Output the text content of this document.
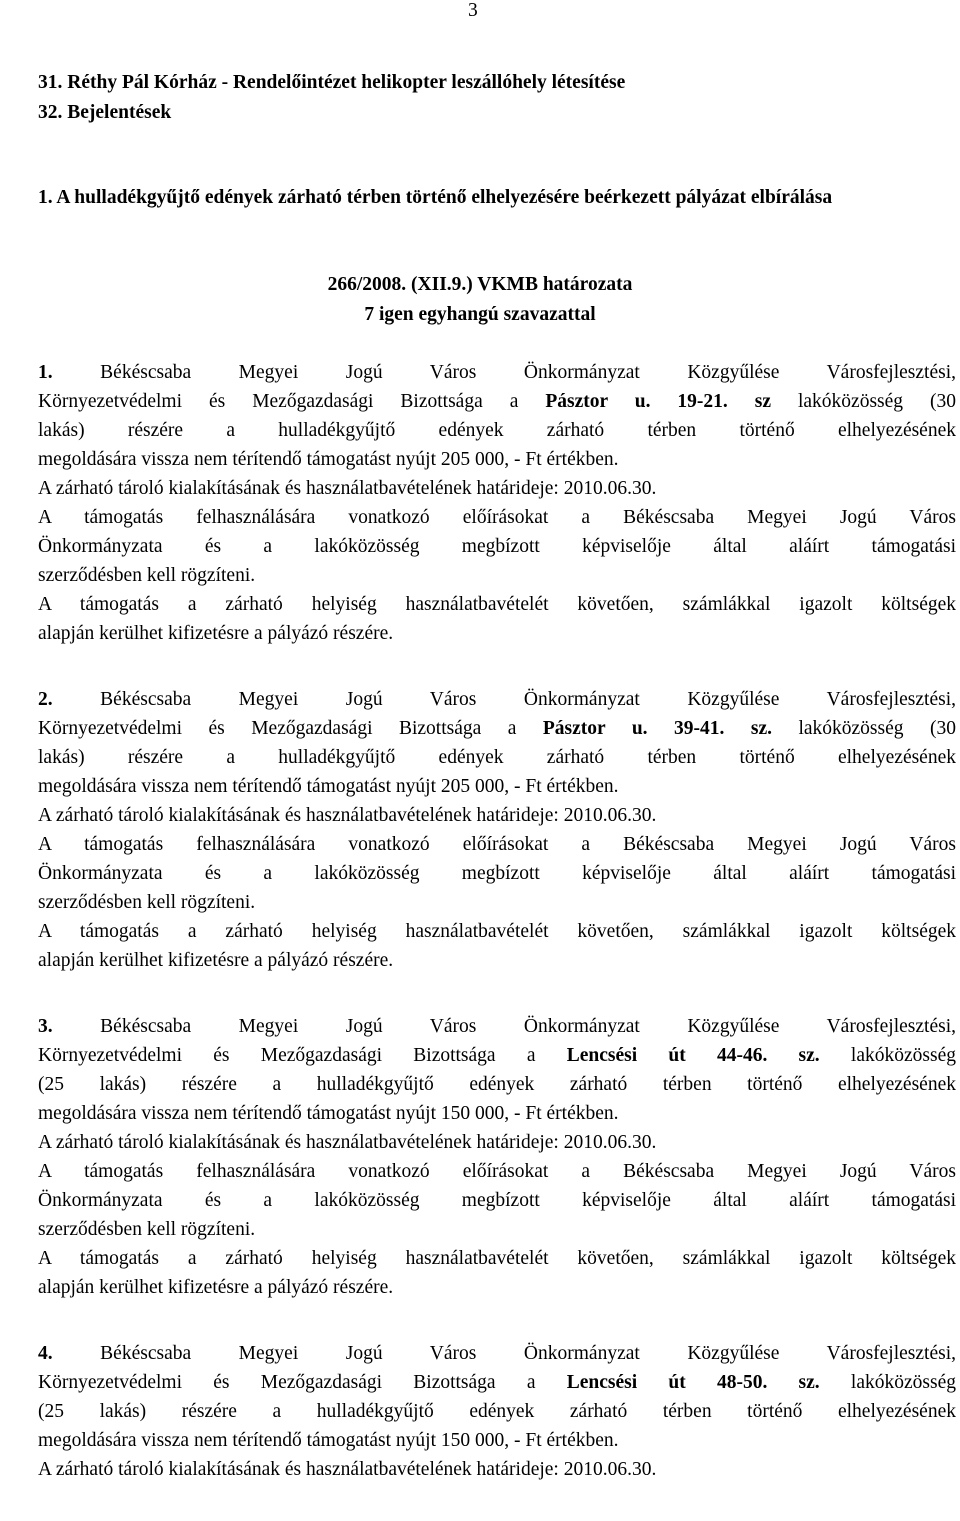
3
31. Réthy Pál Kórház - Rendelőintézet helikopter leszállóhely létesítése
32. Bejelentések
1. A hulladékgyűjtő edények zárható térben történő elhelyezésére beérkezett pályázat elbírálása
266/2008. (XII.9.) VKMB határozata
7 igen egyhangú szavazattal
1. Békéscsaba Megyei Jogú Város Önkormányzat Közgyűlése Városfejlesztési,
Környezetvédelmi és Mezőgazdasági Bizottsága a Pásztor u. 19-21. sz lakóközösség (30
lakás) részére a hulladékgyűjtő edények zárható térben történő elhelyezésének
megoldására vissza nem térítendő támogatást nyújt 205 000, - Ft értékben.
A zárható tároló kialakításának és használatbavételének határideje: 2010.06.30.
A támogatás felhasználására vonatkozó előírásokat a Békéscsaba Megyei Jogú Város
Önkormányzata és a lakóközösség megbízott képviselője által aláírt támogatási
szerződésben kell rögzíteni.
A támogatás a zárható helyiség használatbavételét követően, számlákkal igazolt költségek
alapján kerülhet kifizetésre a pályázó részére.
2. Békéscsaba Megyei Jogú Város Önkormányzat Közgyűlése Városfejlesztési,
Környezetvédelmi és Mezőgazdasági Bizottsága a Pásztor u. 39-41. sz. lakóközösség (30
lakás) részére a hulladékgyűjtő edények zárható térben történő elhelyezésének
megoldására vissza nem térítendő támogatást nyújt 205 000, - Ft értékben.
A zárható tároló kialakításának és használatbavételének határideje: 2010.06.30.
A támogatás felhasználására vonatkozó előírásokat a Békéscsaba Megyei Jogú Város
Önkormányzata és a lakóközösség megbízott képviselője által aláírt támogatási
szerződésben kell rögzíteni.
A támogatás a zárható helyiség használatbavételét követően, számlákkal igazolt költségek
alapján kerülhet kifizetésre a pályázó részére.
3. Békéscsaba Megyei Jogú Város Önkormányzat Közgyűlése Városfejlesztési,
Környezetvédelmi és Mezőgazdasági Bizottsága a Lencsési út 44-46. sz. lakóközösség
(25 lakás) részére a hulladékgyűjtő edények zárható térben történő elhelyezésének
megoldására vissza nem térítendő támogatást nyújt 150 000, - Ft értékben.
A zárható tároló kialakításának és használatbavételének határideje: 2010.06.30.
A támogatás felhasználására vonatkozó előírásokat a Békéscsaba Megyei Jogú Város
Önkormányzata és a lakóközösség megbízott képviselője által aláírt támogatási
szerződésben kell rögzíteni.
A támogatás a zárható helyiség használatbavételét követően, számlákkal igazolt költségek
alapján kerülhet kifizetésre a pályázó részére.
4. Békéscsaba Megyei Jogú Város Önkormányzat Közgyűlése Városfejlesztési,
Környezetvédelmi és Mezőgazdasági Bizottsága a Lencsési út 48-50. sz. lakóközösség
(25 lakás) részére a hulladékgyűjtő edények zárható térben történő elhelyezésének
megoldására vissza nem térítendő támogatást nyújt 150 000, - Ft értékben.
A zárható tároló kialakításának és használatbavételének határideje: 2010.06.30.
